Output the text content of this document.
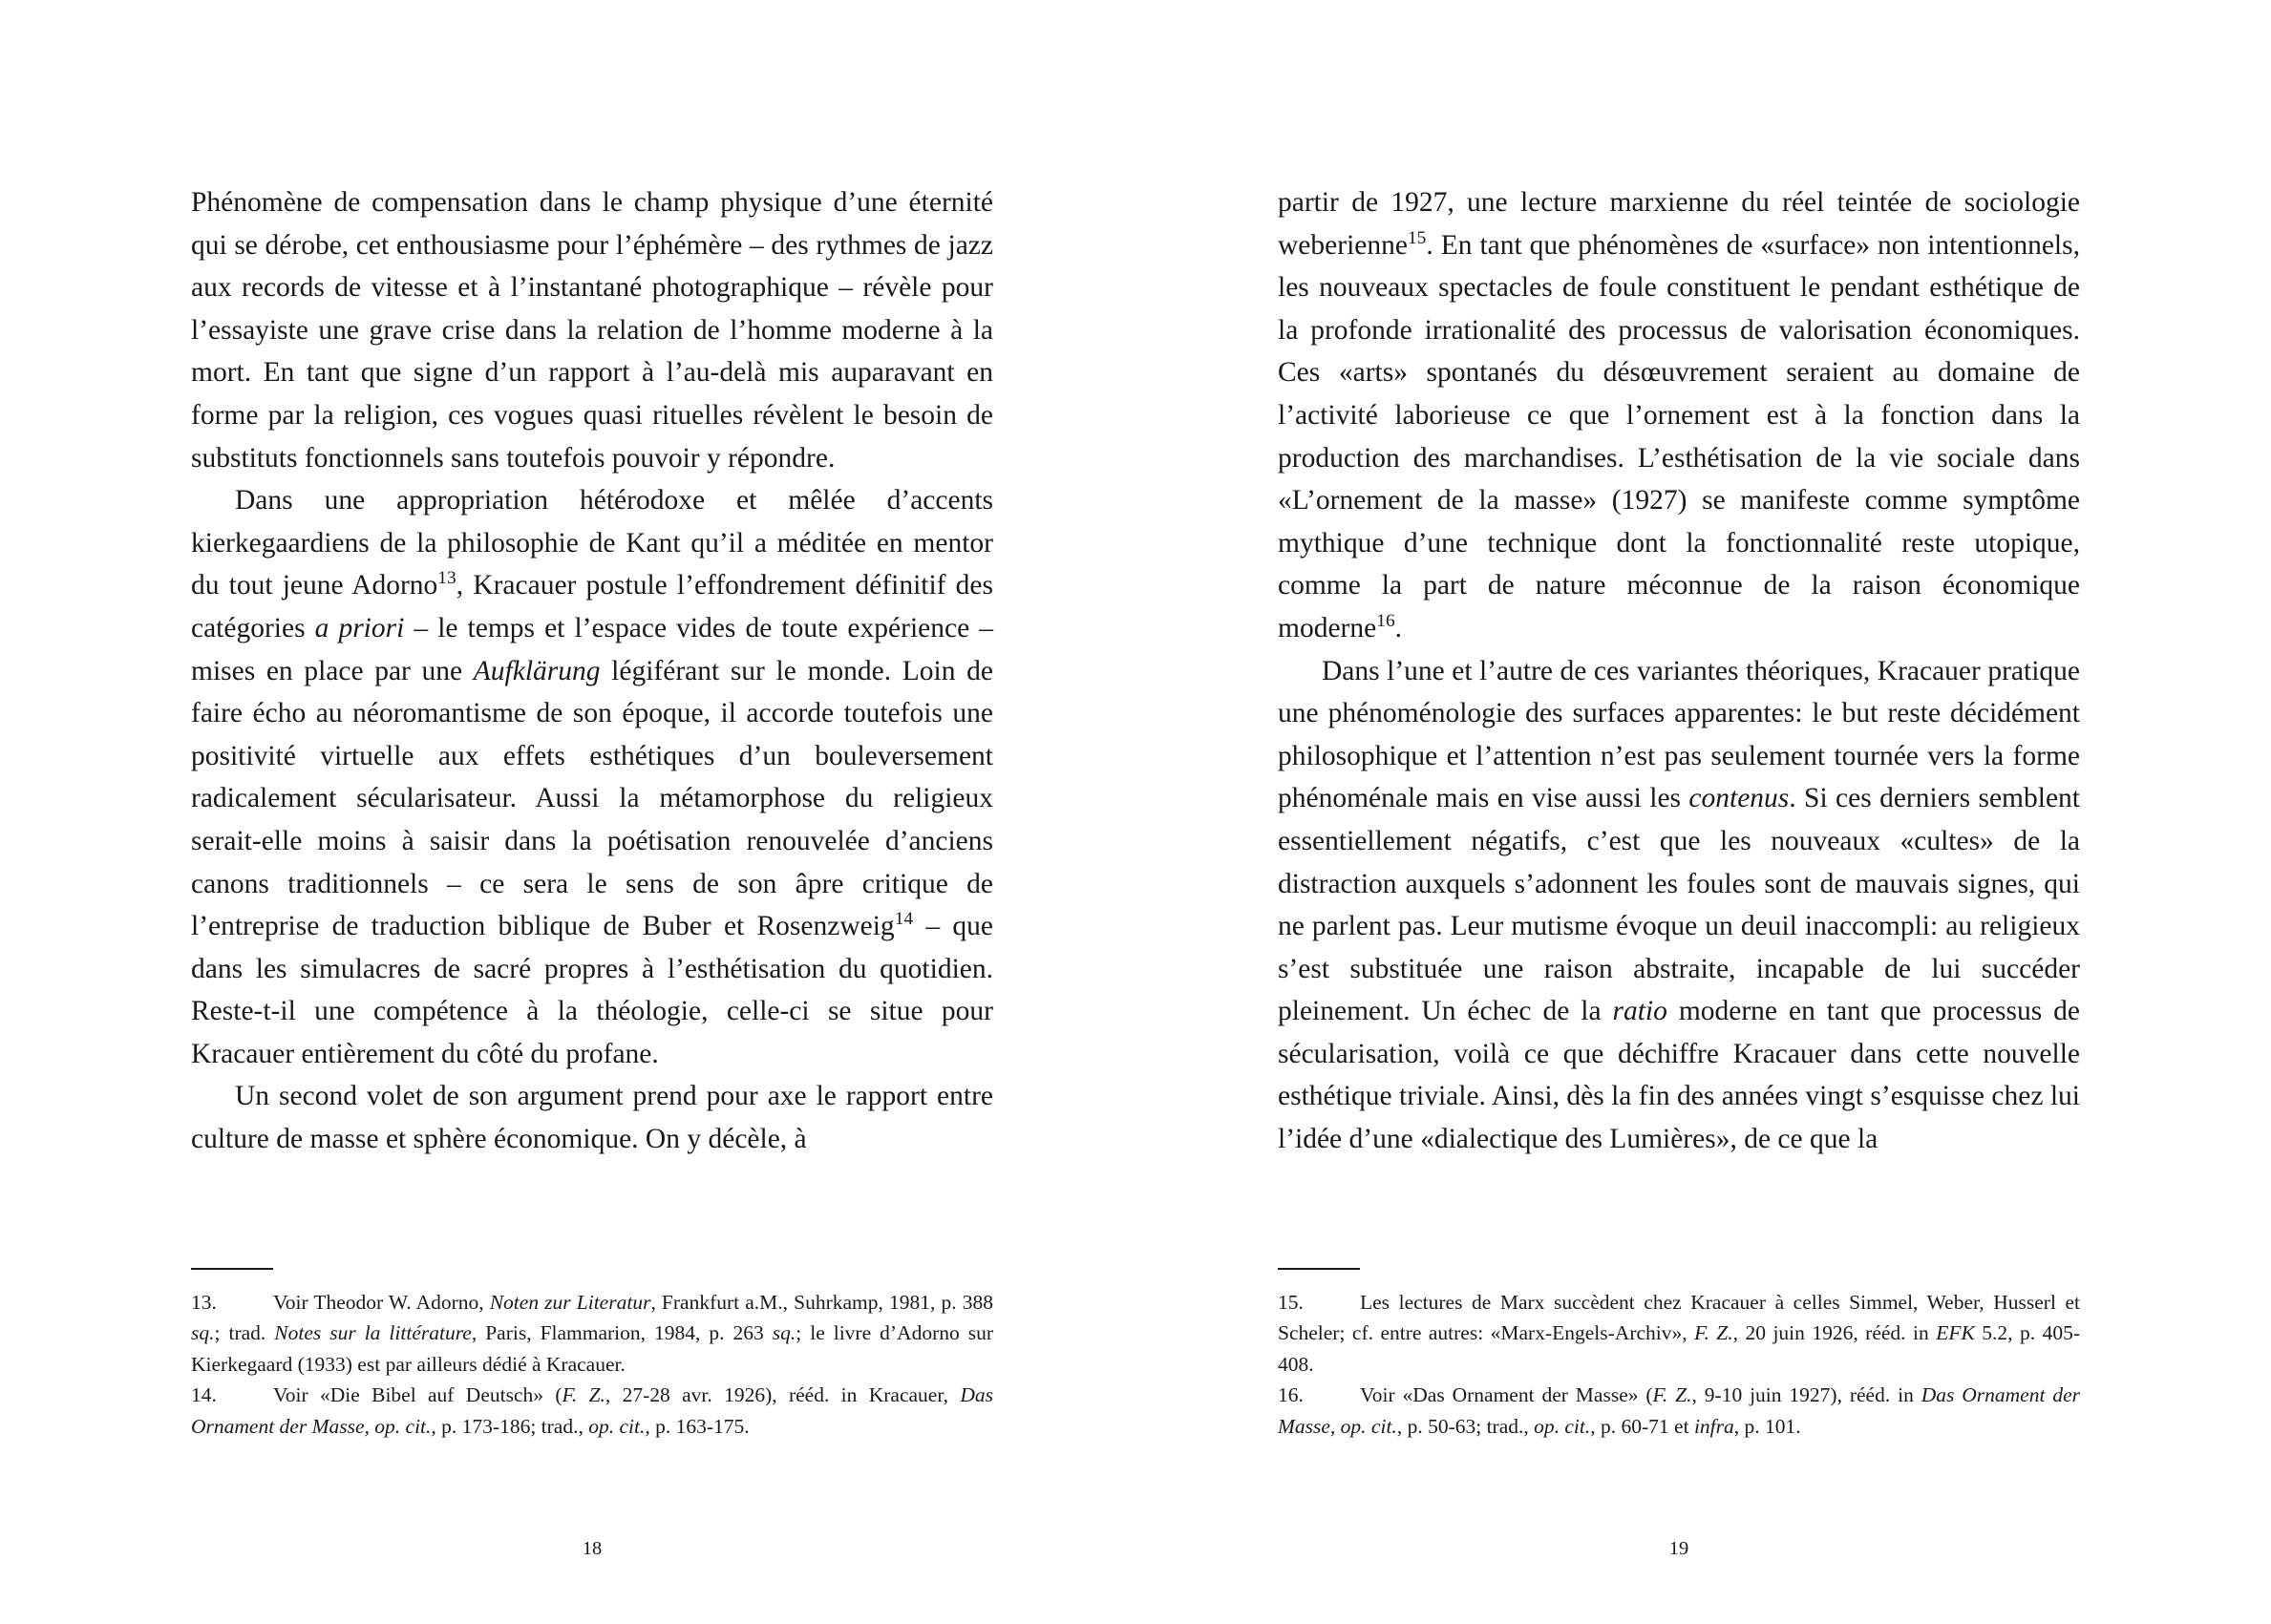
Phénomène de compensation dans le champ physique d’une éternité qui se dérobe, cet enthousiasme pour l’éphémère – des rythmes de jazz aux records de vitesse et à l’instantané photographique – révèle pour l’essayiste une grave crise dans la relation de l’homme moderne à la mort. En tant que signe d’un rapport à l’au-delà mis auparavant en forme par la religion, ces vogues quasi rituelles révèlent le besoin de substituts fonctionnels sans toutefois pouvoir y répondre.

Dans une appropriation hétérodoxe et mêlée d’accents kierkegaardiens de la philosophie de Kant qu’il a méditée en mentor du tout jeune Adorno$^{13}$, Kracauer postule l’effondrement définitif des catégories a priori – le temps et l’espace vides de toute expérience – mises en place par une Aufklärung légiférant sur le monde. Loin de faire écho au néoromantisme de son époque, il accorde toutefois une positivité virtuelle aux effets esthétiques d’un bouleversement radicalement sécularisateur. Aussi la métamorphose du religieux serait-elle moins à saisir dans la poétisation renouvelée d’anciens canons traditionnels – ce sera le sens de son âpre critique de l’entreprise de traduction biblique de Buber et Rosenzweig$^{14}$ – que dans les simulacres de sacré propres à l’esthétisation du quotidien. Reste-t-il une compétence à la théologie, celle-ci se situe pour Kracauer entièrement du côté du profane.

Un second volet de son argument prend pour axe le rapport entre culture de masse et sphère économique. On y décèle, à

13.	Voir Theodor W. Adorno, Noten zur Literatur, Frankfurt a.M., Suhrkamp, 1981, p. 388 sq.; trad. Notes sur la littérature, Paris, Flammarion, 1984, p. 263 sq.; le livre d’Adorno sur Kierkegaard (1933) est par ailleurs dédié à Kracauer.

14.	Voir «Die Bibel auf Deutsch» (F. Z., 27-28 avr. 1926), rééd. in Kracauer, Das Ornament der Masse, op. cit., p. 173-186; trad., op. cit., p. 163-175.

18

partir de 1927, une lecture marxienne du réel teintée de sociologie weberienne$^{15}$. En tant que phénomènes de «surface» non intentionnels, les nouveaux spectacles de foule constituent le pendant esthétique de la profonde irrationalité des processus de valorisation économiques. Ces «arts» spontanés du désœuvrement seraient au domaine de l’activité laborieuse ce que l’ornement est à la fonction dans la production des marchandises. L’esthétisation de la vie sociale dans «L’ornement de la masse» (1927) se manifeste comme symptôme mythique d’une technique dont la fonctionnalité reste utopique, comme la part de nature méconnue de la raison économique moderne$^{16}$.

Dans l’une et l’autre de ces variantes théoriques, Kracauer pratique une phénoménologie des surfaces apparentes: le but reste décidément philosophique et l’attention n’est pas seulement tournée vers la forme phénoménale mais en vise aussi les contenus. Si ces derniers semblent essentiellement négatifs, c’est que les nouveaux «cultes» de la distraction auxquels s’adonnent les foules sont de mauvais signes, qui ne parlent pas. Leur mutisme évoque un deuil inaccompli: au religieux s’est substituée une raison abstraite, incapable de lui succéder pleinement. Un échec de la ratio moderne en tant que processus de sécularisation, voilà ce que déchiffre Kracauer dans cette nouvelle esthétique triviale. Ainsi, dès la fin des années vingt s’esquisse chez lui l’idée d’une «dialectique des Lumières», de ce que la

15.	Les lectures de Marx succèdent chez Kracauer à celles Simmel, Weber, Husserl et Scheler; cf. entre autres: «Marx-Engels-Archiv», F. Z., 20 juin 1926, rééd. in EFK 5.2, p. 405-408.

16.	Voir «Das Ornament der Masse» (F. Z., 9-10 juin 1927), rééd. in Das Ornament der Masse, op. cit., p. 50-63; trad., op. cit., p. 60-71 et infra, p. 101.

19
